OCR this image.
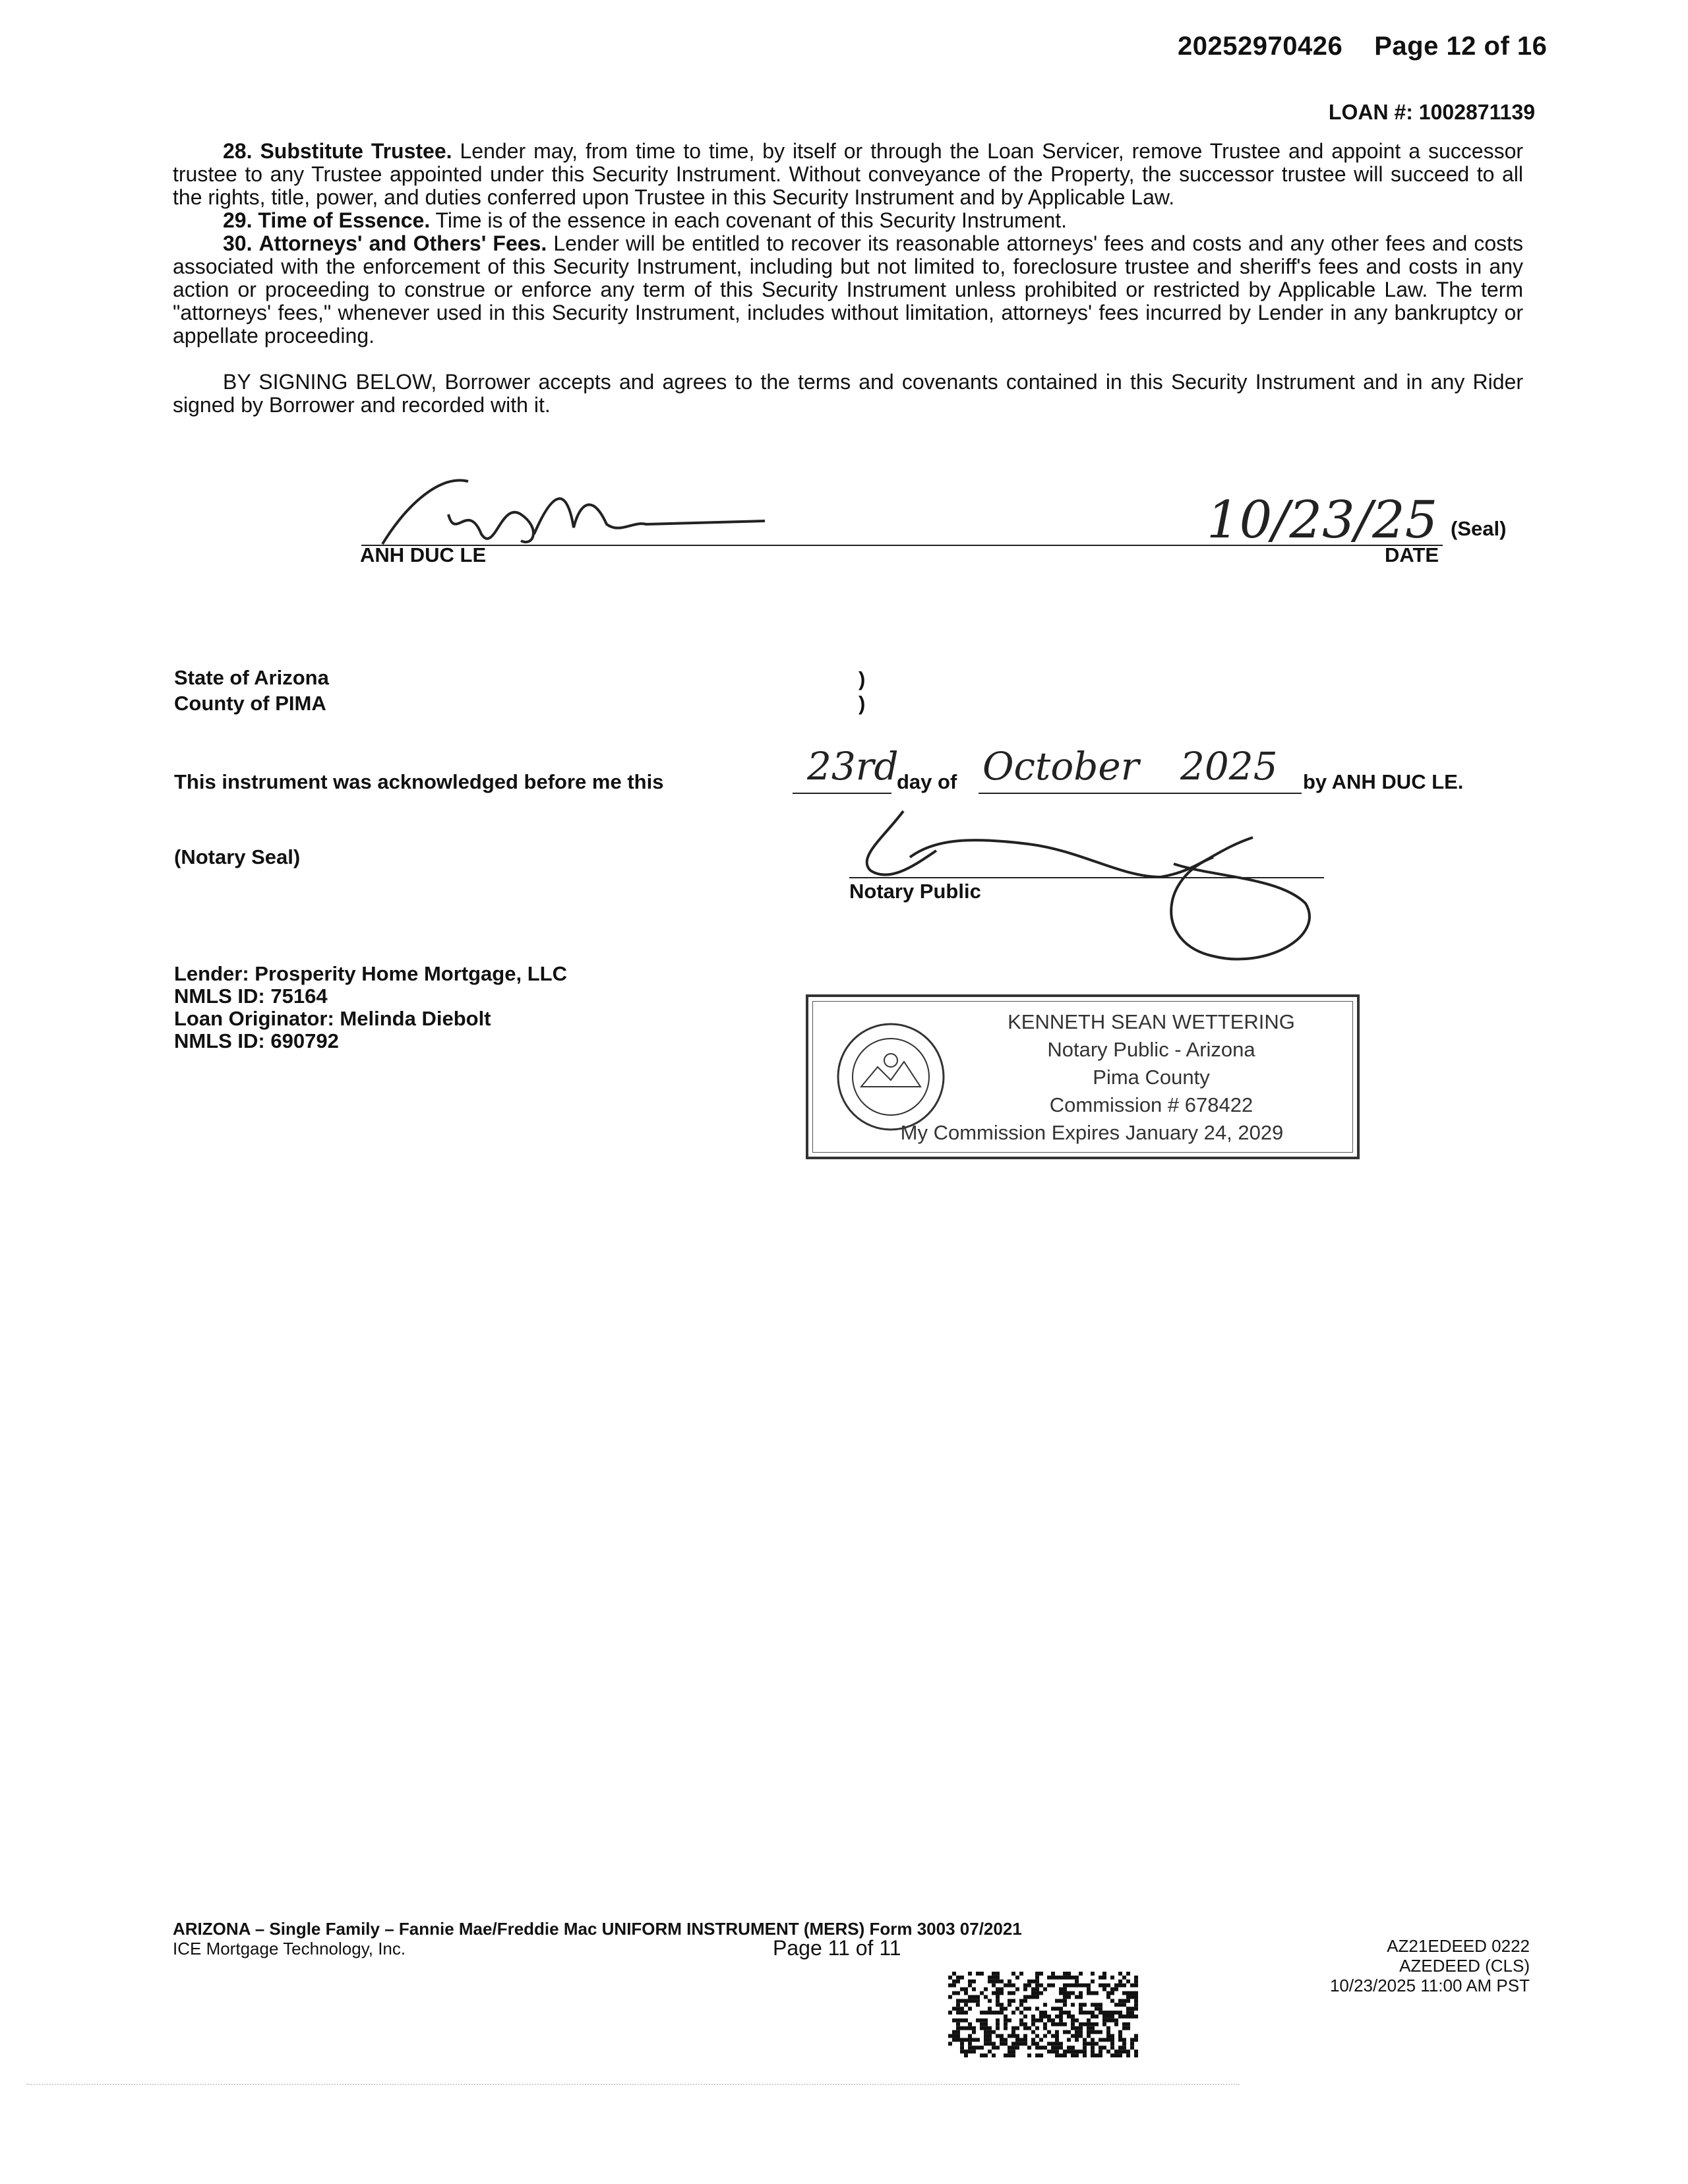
20252970426 Page 12 of 16
LOAN #: 1002871139

28. Substitute Trustee. Lender may, from time to time, by itself or through the Loan Servicer, remove Trustee and appoint a successor trustee to any Trustee appointed under this Security Instrument. Without conveyance of the Property, the successor trustee will succeed to all the rights, title, power, and duties conferred upon Trustee in this Security Instrument and by Applicable Law.

29. Time of Essence. Time is of the essence in each covenant of this Security Instrument.

30. Attorneys' and Others' Fees. Lender will be entitled to recover its reasonable attorneys' fees and costs and any other fees and costs associated with the enforcement of this Security Instrument, including but not limited to, foreclosure trustee and sheriff's fees and costs in any action or proceeding to construe or enforce any term of this Security Instrument unless prohibited or restricted by Applicable Law. The term "attorneys' fees," whenever used in this Security Instrument, includes without limitation, attorneys' fees incurred by Lender in any bankruptcy or appellate proceeding.

BY SIGNING BELOW, Borrower accepts and agrees to the terms and covenants contained in this Security Instrument and in any Rider signed by Borrower and recorded with it.

ANH DUC LE
10/23/25 (Seal)
DATE
State of Arizona
County of PIMA
)
)
This instrument was acknowledged before me this	23rd
day of October 2025 by ANH DUC LE.
(Notary Seal)
Notary Public
Lender: Prosperity Home Mortgage, LLC
NMLS ID: 75164
Loan Originator: Melinda Diebolt
NMLS ID: 690792
KENNETH SEAN WETTERING
Notary Public - Arizona
Pima County
Commission # 678422
My Commission Expires January 24, 2029
ARIZONA – Single Family – Fannie Mae/Freddie Mac UNIFORM INSTRUMENT (MERS) Form 3003 07/2021
ICE Mortgage Technology, Inc.	Page 11 of 11	AZ21EDEED 0222
AZEDEED (CLS)
10/23/2025 11:00 AM PST
